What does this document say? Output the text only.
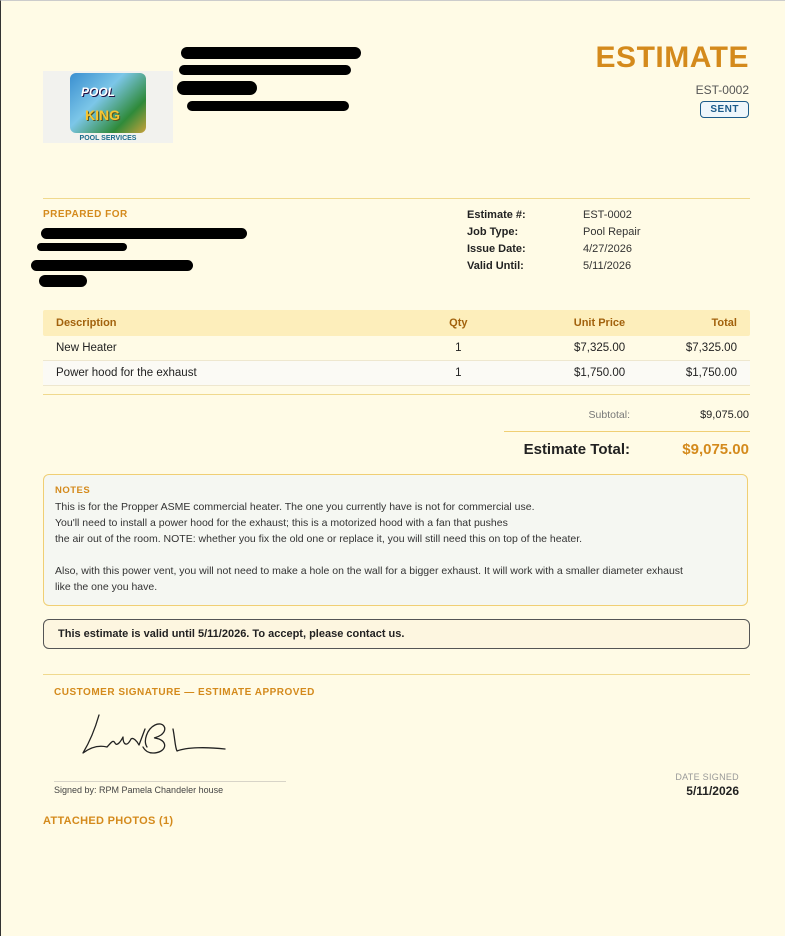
POOL
KING
POOL SERVICES
ESTIMATE
EST-0002
SENT
PREPARED FOR	Estimate #:	EST-0002
Job Type:	Pool Repair
Issue Date:	4/27/2026
Valid Until:	5/11/2026
Description	Qty	Unit Price	Total
New Heater	1	$7,325.00	$7,325.00
Power hood for the exhaust	1	$1,750.00	$1,750.00
Subtotal:	$9,075.00
Estimate Total:	$9,075.00
NOTES
This is for the Propper ASME commercial heater. The one you currently have is not for commercial use.
You'll need to install a power hood for the exhaust; this is a motorized hood with a fan that pushes
the air out of the room. NOTE: whether you fix the old one or replace it, you will still need this on top of the heater.
Also, with this power vent, you will not need to make a hole on the wall for a bigger exhaust. It will work with a smaller diameter exhaust
like the one you have.
This estimate is valid until 5/11/2026. To accept, please contact us.
CUSTOMER SIGNATURE — ESTIMATE APPROVED
Signed by: RPM Pamela Chandeler house
DATE SIGNED
5/11/2026
ATTACHED PHOTOS (1)
